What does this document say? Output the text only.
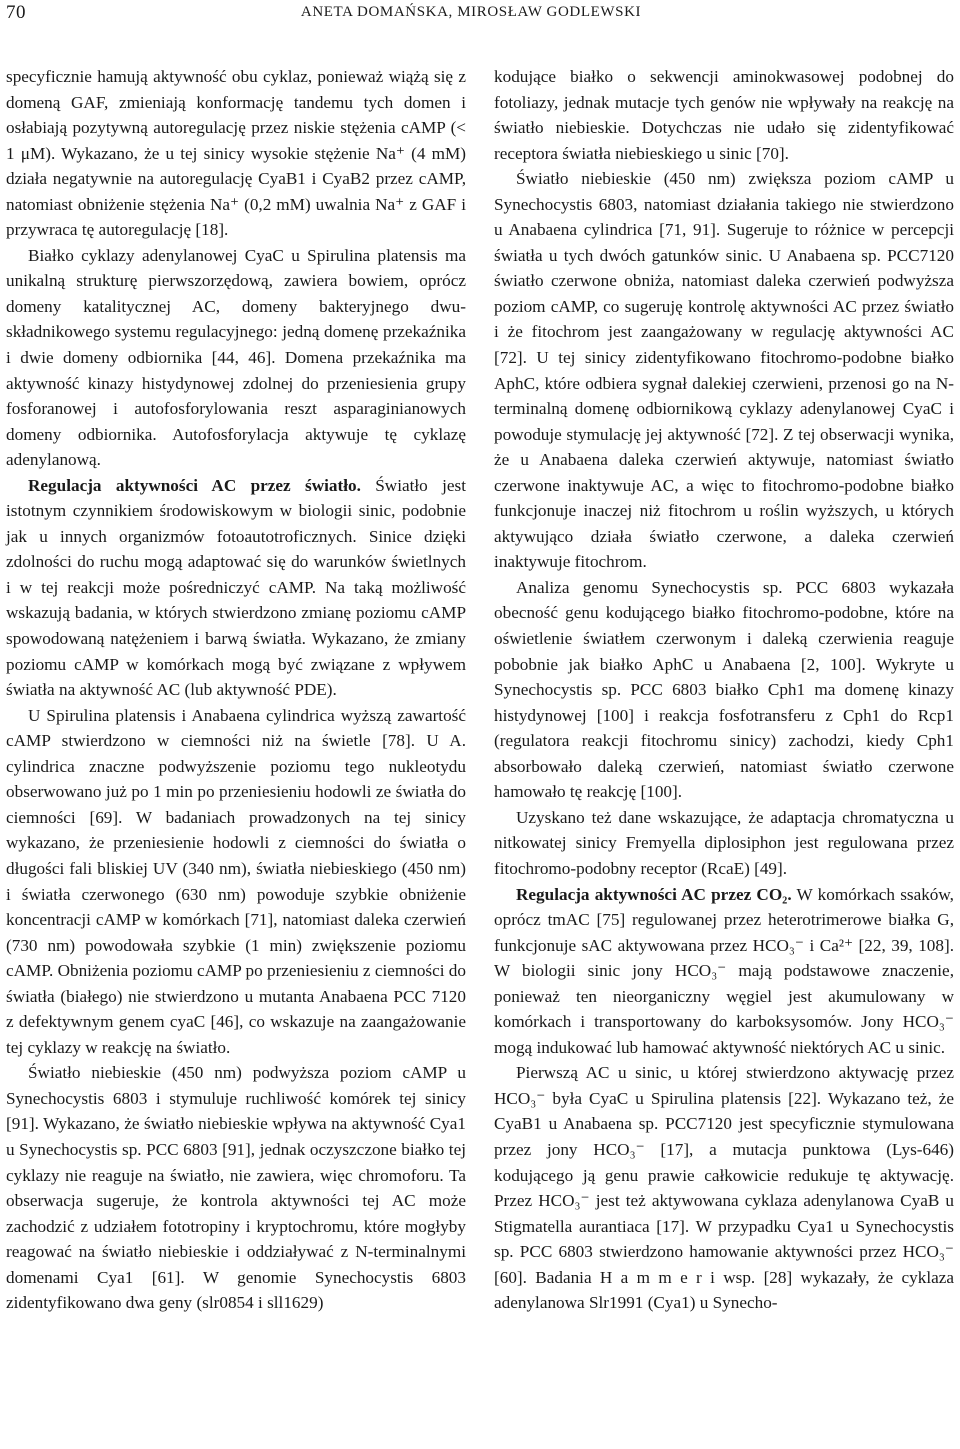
70	ANETA DOMAŃSKA, MIROSŁAW GODLEWSKI

specyficznie hamują aktywność obu cyklaz, ponieważ wiążą się z domeną GAF, zmieniają konformację tandemu tych domen i osłabiają pozytywną autoregulację przez niskie stężenia cAMP (< 1 μM). Wykazano, że u tej sinicy wysokie stężenie Na⁺ (4 mM) działa negatywnie na autoregulację CyaB1 i CyaB2 przez cAMP, natomiast obniżenie stężenia Na⁺ (0,2 mM) uwalnia Na⁺ z GAF i przywraca tę autoregulację [18].

Białko cyklazy adenylanowej CyaC u Spirulina platensis ma unikalną strukturę pierwszorzędową, zawiera bowiem, oprócz domeny katalitycznej AC, domeny bakteryjnego dwu-składnikowego systemu regulacyjnego: jedną domenę przekaźnika i dwie domeny odbiornika [44, 46]. Domena przekaźnika ma aktywność kinazy histydynowej zdolnej do przeniesienia grupy fosforanowej i autofosforylowania reszt asparaginianowych domeny odbiornika. Autofosforylacja aktywuje tę cyklazę adenylanową.

Regulacja aktywności AC przez światło. Światło jest istotnym czynnikiem środowiskowym w biologii sinic, podobnie jak u innych organizmów fotoautotroficznych. Sinice dzięki zdolności do ruchu mogą adaptować się do warunków świetlnych i w tej reakcji może pośredniczyć cAMP. Na taką możliwość wskazują badania, w których stwierdzono zmianę poziomu cAMP spowodowaną natężeniem i barwą światła. Wykazano, że zmiany poziomu cAMP w komórkach mogą być związane z wpływem światła na aktywność AC (lub aktywność PDE).

U Spirulina platensis i Anabaena cylindrica wyższą zawartość cAMP stwierdzono w ciemności niż na świetle [78]. U A. cylindrica znaczne podwyższenie poziomu tego nukleotydu obserwowano już po 1 min po przeniesieniu hodowli ze światła do ciemności [69]. W badaniach prowadzonych na tej sinicy wykazano, że przeniesienie hodowli z ciemności do światła o długości fali bliskiej UV (340 nm), światła niebieskiego (450 nm) i światła czerwonego (630 nm) powoduje szybkie obniżenie koncentracji cAMP w komórkach [71], natomiast daleka czerwień (730 nm) powodowała szybkie (1 min) zwiększenie poziomu cAMP. Obniżenia poziomu cAMP po przeniesieniu z ciemności do światła (białego) nie stwierdzono u mutanta Anabaena PCC 7120 z defektywnym genem cyaC [46], co wskazuje na zaangażowanie tej cyklazy w reakcję na światło.

Światło niebieskie (450 nm) podwyższa poziom cAMP u Synechocystis 6803 i stymuluje ruchliwość komórek tej sinicy [91]. Wykazano, że światło niebieskie wpływa na aktywność Cya1 u Synechocystis sp. PCC 6803 [91], jednak oczyszczone białko tej cyklazy nie reaguje na światło, nie zawiera, więc chromoforu. Ta obserwacja sugeruje, że kontrola aktywności tej AC może zachodzić z udziałem fototropiny i kryptochromu, które mogłyby reagować na światło niebieskie i oddziaływać z N-terminalnymi domenami Cya1 [61]. W genomie Synechocystis 6803 zidentyfikowano dwa geny (slr0854 i sll1629)

kodujące białko o sekwencji aminokwasowej podobnej do fotoliazy, jednak mutacje tych genów nie wpływały na reakcję na światło niebieskie. Dotychczas nie udało się zidentyfikować receptora światła niebieskiego u sinic [70].

Światło niebieskie (450 nm) zwiększa poziom cAMP u Synechocystis 6803, natomiast działania takiego nie stwierdzono u Anabaena cylindrica [71, 91]. Sugeruje to różnice w percepcji światła u tych dwóch gatunków sinic. U Anabaena sp. PCC7120 światło czerwone obniża, natomiast daleka czerwień podwyższa poziom cAMP, co sugeruję kontrolę aktywności AC przez światło i że fitochrom jest zaangażowany w regulację aktywności AC [72]. U tej sinicy zidentyfikowano fitochromo-podobne białko AphC, które odbiera sygnał dalekiej czerwieni, przenosi go na N-terminalną domenę odbiornikową cyklazy adenylanowej CyaC i powoduje stymulację jej aktywność [72]. Z tej obserwacji wynika, że u Anabaena daleka czerwień aktywuje, natomiast światło czerwone inaktywuje AC, a więc to fitochromo-podobne białko funkcjonuje inaczej niż fitochrom u roślin wyższych, u których aktywująco działa światło czerwone, a daleka czerwień inaktywuje fitochrom.

Analiza genomu Synechocystis sp. PCC 6803 wykazała obecność genu kodującego białko fitochromo-podobne, które na oświetlenie światłem czerwonym i daleką czerwienia reaguje pobobnie jak białko AphC u Anabaena [2, 100]. Wykryte u Synechocystis sp. PCC 6803 białko Cph1 ma domenę kinazy histydynowej [100] i reakcja fosfotransferu z Cph1 do Rcp1 (regulatora reakcji fitochromu sinicy) zachodzi, kiedy Cph1 absorbowało daleką czerwień, natomiast światło czerwone hamowało tę reakcję [100].

Uzyskano też dane wskazujące, że adaptacja chromatyczna u nitkowatej sinicy Fremyella diplosiphon jest regulowana przez fitochromo-podobny receptor (RcaE) [49].

Regulacja aktywności AC przez CO₂. W komórkach ssaków, oprócz tmAC [75] regulowanej przez heterotrimerowe białka G, funkcjonuje sAC aktywowana przez HCO₃⁻ i Ca²⁺ [22, 39, 108]. W biologii sinic jony HCO₃⁻ mają podstawowe znaczenie, ponieważ ten nieorganiczny węgiel jest akumulowany w komórkach i transportowany do karboksysomów. Jony HCO₃⁻ mogą indukować lub hamować aktywność niektórych AC u sinic.

Pierwszą AC u sinic, u której stwierdzono aktywację przez HCO₃⁻ była CyaC u Spirulina platensis [22]. Wykazano też, że CyaB1 u Anabaena sp. PCC7120 jest specyficznie stymulowana przez jony HCO₃⁻ [17], a mutacja punktowa (Lys-646) kodującego ją genu prawie całkowicie redukuje tę aktywację. Przez HCO₃⁻ jest też aktywowana cyklaza adenylanowa CyaB u Stigmatella aurantiaca [17]. W przypadku Cya1 u Synechocystis sp. PCC 6803 stwierdzono hamowanie aktywności przez HCO₃⁻ [60]. Badania H a m m e r i wsp. [28] wykazały, że cyklaza adenylanowa Slr1991 (Cya1) u Synecho-
